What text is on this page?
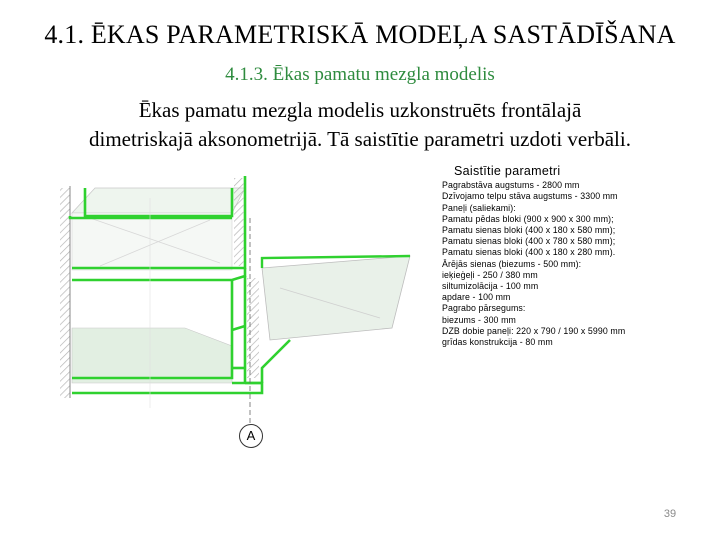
4.1. ĒKAS PARAMETRISKĀ MODEĻA SASTĀDĪŠANA
4.1.3. Ēkas pamatu mezgla modelis
Ēkas pamatu mezgla modelis uzkonstruēts frontālajā
dimetriskajā aksonometrijā. Tā saistītie parametri uzdoti verbāli.
A
Saistītie parametri
Pagrabstāva augstums - 2800 mm
Dzīvojamo telpu stāva augstums - 3300 mm
Paneļi (saliekami):
Pamatu pēdas bloki (900 x 900 x 300 mm);
Pamatu sienas bloki (400 x 180 x 580 mm);
Pamatu sienas bloki (400 x 780 x 580 mm);
Pamatu sienas bloki (400 x 180 x 280 mm).
Ārējās sienas (biezums - 500 mm):
ieķieģeļi - 250 / 380 mm
siltumizolācija - 100 mm
apdare - 100 mm
Pagrabo pārsegums:
biezums - 300 mm
DZB dobie paneļi: 220 x 790 / 190 x 5990 mm
grīdas konstrukcija - 80 mm
39
